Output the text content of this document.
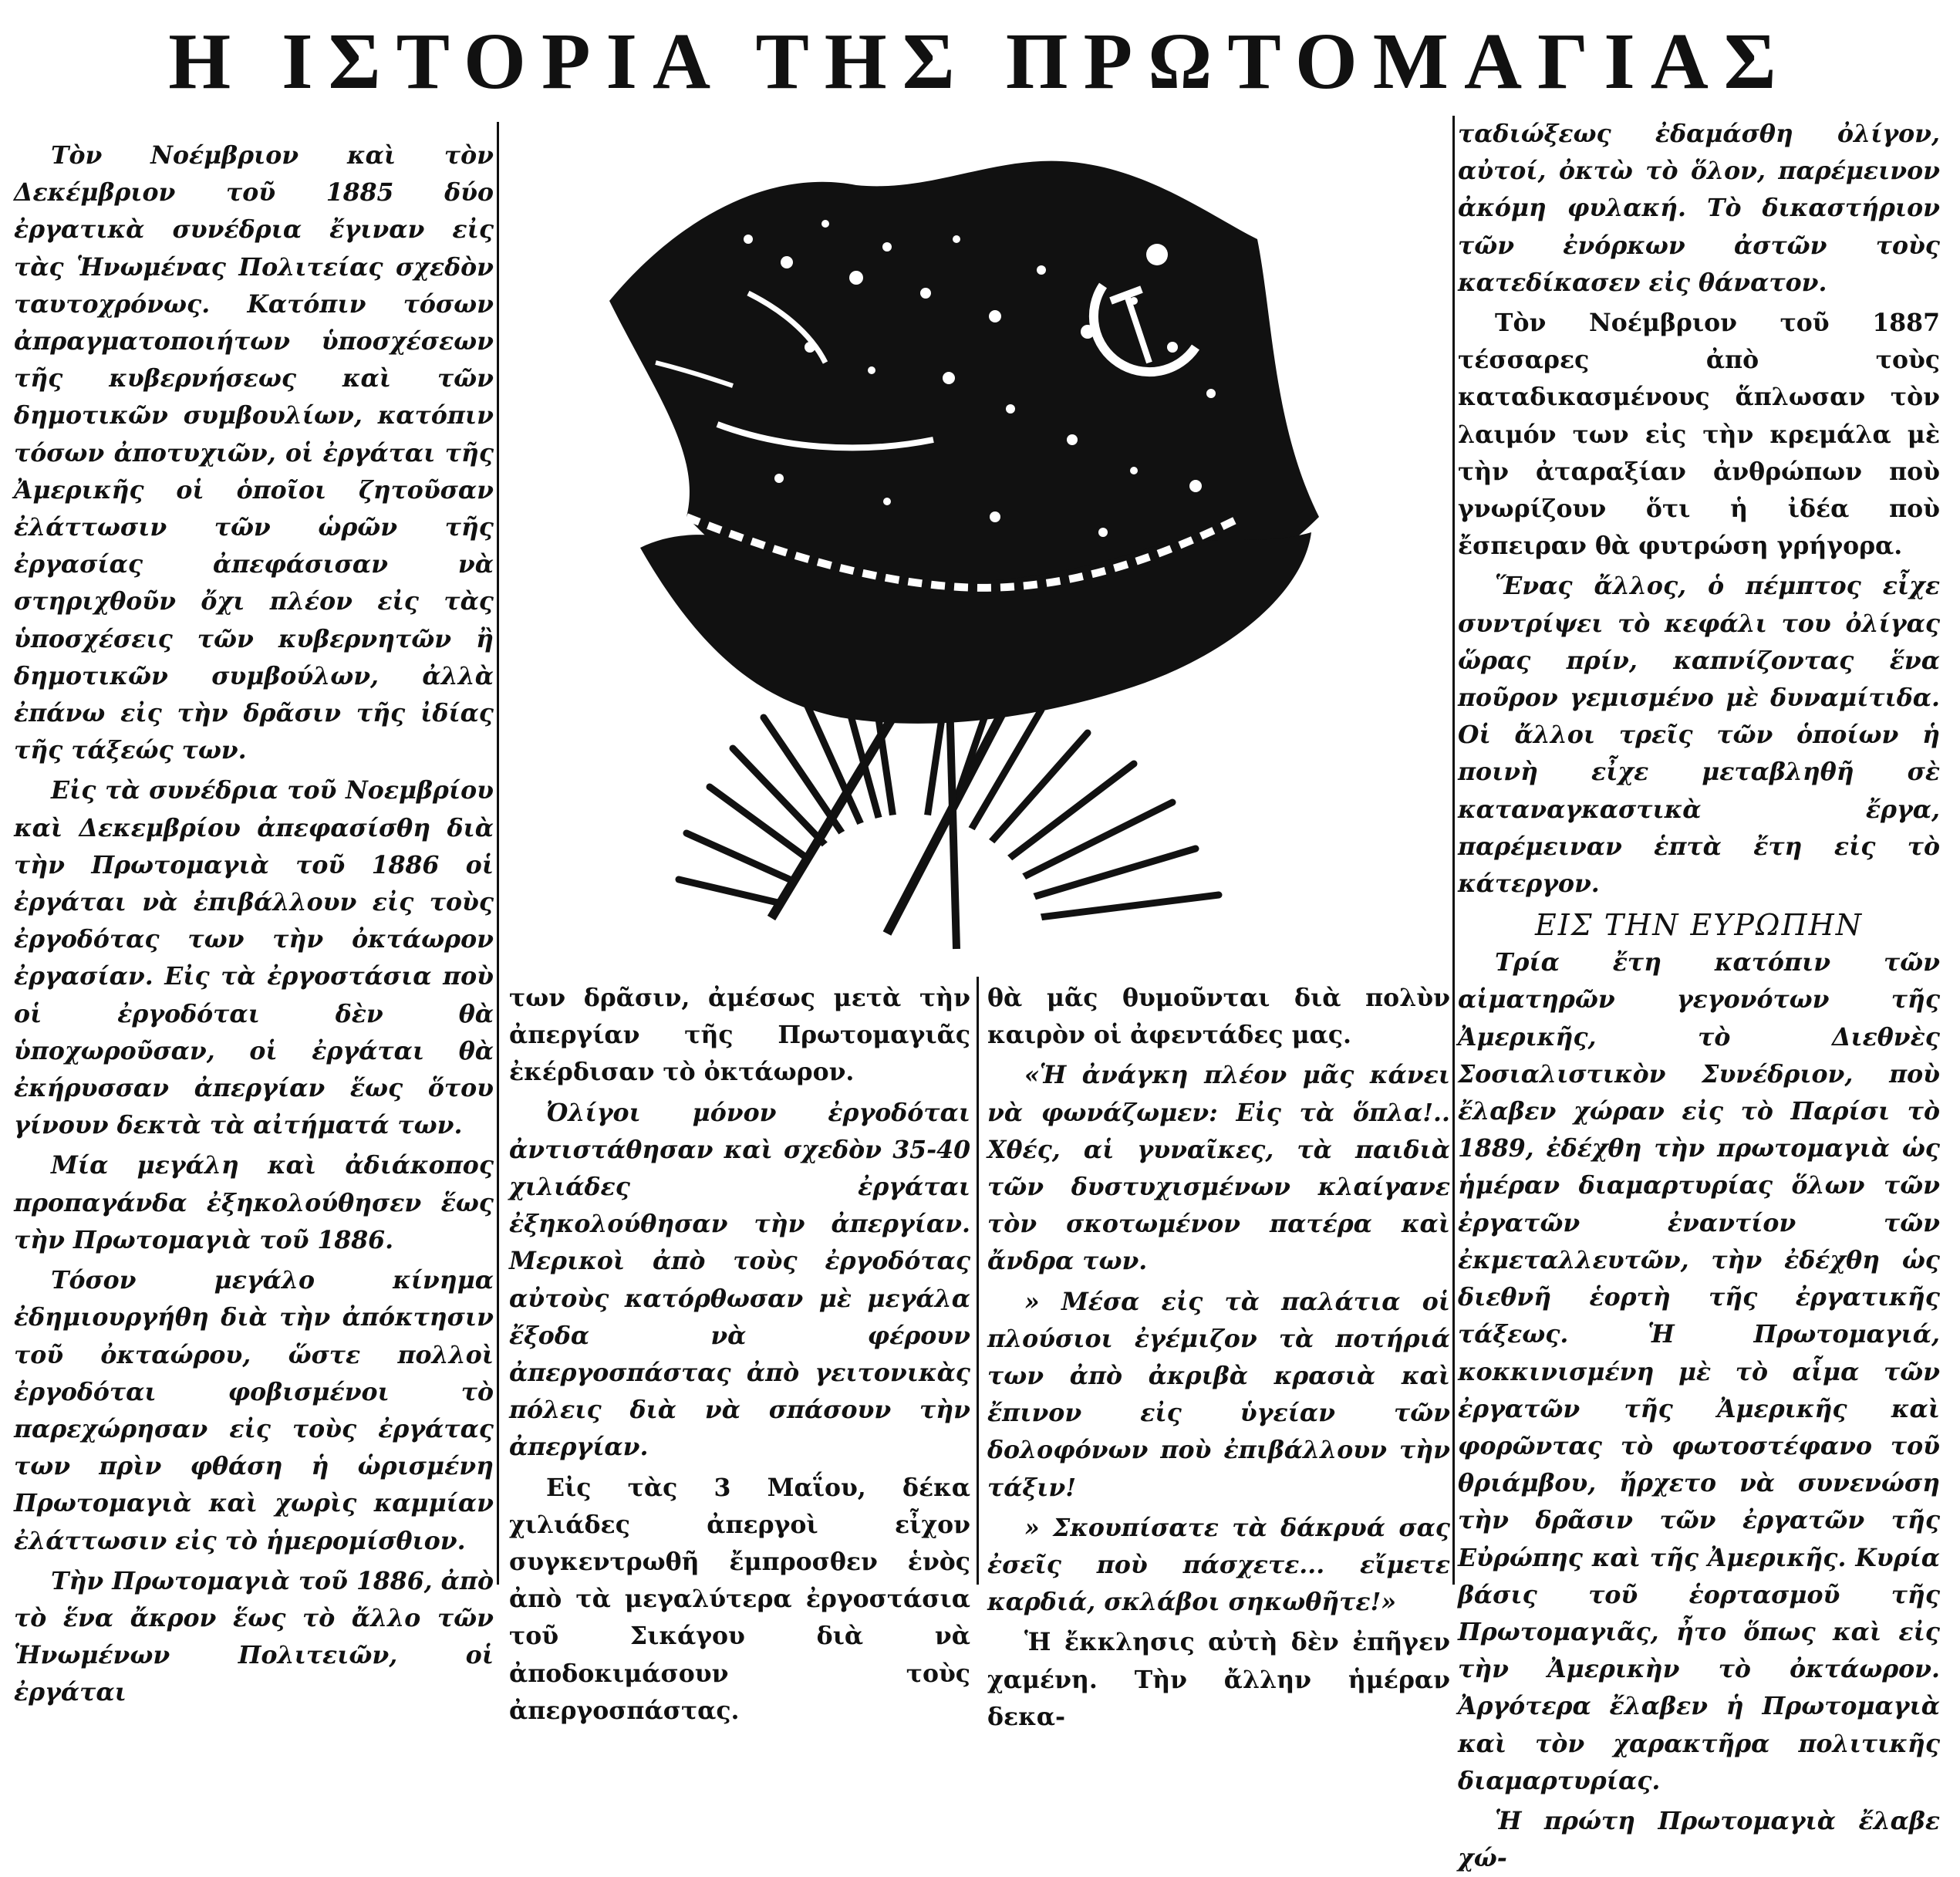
Η ΙΣΤΟΡΙΑ ΤΗΣ ΠΡΩΤΟΜΑΓΙΑΣ

Τὸν Νοέμβριον καὶ τὸν Δεκέμβριον τοῦ 1885 δύο ἐργατικὰ συνέδρια ἔγιναν εἰς τὰς Ἡνωμένας Πολιτείας σχεδὸν ταυτοχρόνως. Κατόπιν τόσων ἀπραγματοποιήτων ὑποσχέσεων τῆς κυβερνήσεως καὶ τῶν δημοτικῶν συμβουλίων, κατόπιν τόσων ἀποτυχιῶν, οἱ ἐργάται τῆς Ἀμερικῆς οἱ ὁποῖοι ζητοῦσαν ἐλάττωσιν τῶν ὡρῶν τῆς ἐργασίας ἀπεφάσισαν νὰ στηριχθοῦν ὄχι πλέον εἰς τὰς ὑποσχέσεις τῶν κυβερνητῶν ἢ δημοτικῶν συμβούλων, ἀλλὰ ἐπάνω εἰς τὴν δρᾶσιν τῆς ἰδίας τῆς τάξεώς των.

Εἰς τὰ συνέδρια τοῦ Νοεμβρίου καὶ Δεκεμβρίου ἀπεφασίσθη διὰ τὴν Πρωτομαγιὰ τοῦ 1886 οἱ ἐργάται νὰ ἐπιβάλλουν εἰς τοὺς ἐργοδότας των τὴν ὀκτάωρον ἐργασίαν. Εἰς τὰ ἐργοστάσια ποὺ οἱ ἐργοδόται δὲν θὰ ὑποχωροῦσαν, οἱ ἐργάται θὰ ἐκήρυσσαν ἀπεργίαν ἕως ὅτου γίνουν δεκτὰ τὰ αἰτήματά των.

Μία μεγάλη καὶ ἀδιάκοπος προπαγάνδα ἐξηκολούθησεν ἕως τὴν Πρωτομαγιὰ τοῦ 1886.

Τόσον μεγάλο κίνημα ἐδημιουργήθη διὰ τὴν ἀπόκτησιν τοῦ ὀκταώρου, ὥστε πολλοὶ ἐργοδόται φοβισμένοι τὸ παρεχώρησαν εἰς τοὺς ἐργάτας των πρὶν φθάση ἡ ὡρισμένη Πρωτομαγιὰ καὶ χωρὶς καμμίαν ἐλάττωσιν εἰς τὸ ἡμερομίσθιον.

Τὴν Πρωτομαγιὰ τοῦ 1886, ἀπὸ τὸ ἕνα ἄκρον ἕως τὸ ἄλλο τῶν Ἡνωμένων Πολιτειῶν, οἱ ἐργάται

των δρᾶσιν, ἀμέσως μετὰ τὴν ἀπεργίαν τῆς Πρωτομαγιᾶς ἐκέρδισαν τὸ ὀκτάωρον.

Ὀλίγοι μόνον ἐργοδόται ἀντιστάθησαν καὶ σχεδὸν 35-40 χιλιάδες ἐργάται ἐξηκολούθησαν τὴν ἀπεργίαν. Μερικοὶ ἀπὸ τοὺς ἐργοδότας αὐτοὺς κατόρθωσαν μὲ μεγάλα ἔξοδα νὰ φέρουν ἀπεργοσπάστας ἀπὸ γειτονικὰς πόλεις διὰ νὰ σπάσουν τὴν ἀπεργίαν.

Εἰς τὰς 3 Μαΐου, δέκα χιλιάδες ἀπεργοὶ εἶχον συγκεντρωθῆ ἔμπροσθεν ἑνὸς ἀπὸ τὰ μεγαλύτερα ἐργοστάσια τοῦ Σικάγου διὰ νὰ ἀποδοκιμάσουν τοὺς ἀπεργοσπάστας.

θὰ μᾶς θυμοῦνται διὰ πολὺν καιρὸν οἱ ἀφεντάδες μας.

«Ἡ ἀνάγκη πλέον μᾶς κάνει νὰ φωνάζωμεν: Εἰς τὰ ὅπλα!.. Χθές, αἱ γυναῖκες, τὰ παιδιὰ τῶν δυστυχισμένων κλαίγανε τὸν σκοτωμένον πατέρα καὶ ἄνδρα των.

» Μέσα εἰς τὰ παλάτια οἱ πλούσιοι ἐγέμιζον τὰ ποτήριά των ἀπὸ ἀκριβὰ κρασιὰ καὶ ἔπινον εἰς ὑγείαν τῶν δολοφόνων ποὺ ἐπιβάλλουν τὴν τάξιν!

» Σκουπίσατε τὰ δάκρυά σας ἐσεῖς ποὺ πάσχετε... εἴμετε καρδιά, σκλάβοι σηκωθῆτε!»

Ἡ ἔκκλησις αὐτὴ δὲν ἐπῆγεν χαμένη. Τὴν ἄλλην ἡμέραν δεκα-

ταδιώξεως ἐδαμάσθη ὀλίγον, αὐτοί, ὀκτὼ τὸ ὅλον, παρέμεινον ἀκόμη φυλακή. Τὸ δικαστήριον τῶν ἐνόρκων ἀστῶν τοὺς κατεδίκασεν εἰς θάνατον.

Τὸν Νοέμβριον τοῦ 1887 τέσσαρες ἀπὸ τοὺς καταδικασμένους ἅπλωσαν τὸν λαιμόν των εἰς τὴν κρεμάλα μὲ τὴν ἀταραξίαν ἀνθρώπων ποὺ γνωρίζουν ὅτι ἡ ἰδέα ποὺ ἔσπειραν θὰ φυτρώση γρήγορα.

Ἕνας ἄλλος, ὁ πέμπτος εἶχε συντρίψει τὸ κεφάλι του ὀλίγας ὥρας πρίν, καπνίζοντας ἕνα ποῦρον γεμισμένο μὲ δυναμίτιδα. Οἱ ἄλλοι τρεῖς τῶν ὁποίων ἡ ποινὴ εἶχε μεταβληθῆ σὲ καταναγκαστικὰ ἔργα, παρέμειναν ἑπτὰ ἔτη εἰς τὸ κάτεργον.

ΕΙΣ ΤΗΝ ΕΥΡΩΠΗΝ

Τρία ἔτη κατόπιν τῶν αἱματηρῶν γεγονότων τῆς Ἀμερικῆς, τὸ Διεθνὲς Σοσιαλιστικὸν Συνέδριον, ποὺ ἔλαβεν χώραν εἰς τὸ Παρίσι τὸ 1889, ἐδέχθη τὴν πρωτομαγιὰ ὡς ἡμέραν διαμαρτυρίας ὅλων τῶν ἐργατῶν ἐναντίον τῶν ἐκμεταλλευτῶν, τὴν ἐδέχθη ὡς διεθνῆ ἑορτὴ τῆς ἐργατικῆς τάξεως. Ἡ Πρωτομαγιά, κοκκινισμένη μὲ τὸ αἷμα τῶν ἐργατῶν τῆς Ἀμερικῆς καὶ φορῶντας τὸ φωτοστέφανο τοῦ θριάμβου, ἤρχετο νὰ συνενώση τὴν δρᾶσιν τῶν ἐργατῶν τῆς Εὐρώπης καὶ τῆς Ἀμερικῆς. Κυρία βάσις τοῦ ἑορτασμοῦ τῆς Πρωτομαγιᾶς, ἦτο ὅπως καὶ εἰς τὴν Ἀμερικὴν τὸ ὀκτάωρον. Ἀργότερα ἔλαβεν ἡ Πρωτομαγιὰ καὶ τὸν χαρακτῆρα πολιτικῆς διαμαρτυρίας.

Ἡ πρώτη Πρωτομαγιὰ ἔλαβε χώ-
